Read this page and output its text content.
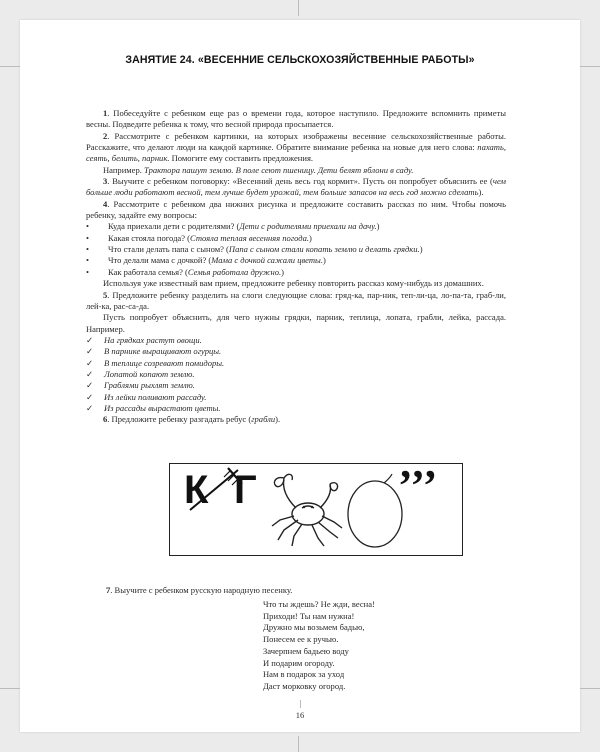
ЗАНЯТИЕ 24. «ВЕСЕННИЕ СЕЛЬСКОХОЗЯЙСТВЕННЫЕ РАБОТЫ»

1. Побеседуйте с ребенком еще раз о времени года, которое наступило. Предложите вспомнить приметы весны. Подведите ребенка к тому, что весной природа просыпается.

2. Рассмотрите с ребенком картинки, на которых изображены весенние сельскохозяйственные работы. Расскажите, что делают люди на каждой картинке. Обратите внимание ребенка на новые для него слова: пахать, сеять, белить, парник. Помогите ему составить предложения.

Например. Трактора пашут землю. В поле сеют пшеницу. Дети белят яблони в саду.

3. Выучите с ребенком поговорку: «Весенний день весь год кормит». Пусть он попробует объяснить ее (чем больше люди работают весной, тем лучше будет урожай, тем больше запасов на весь год можно сделать).

4. Рассмотрите с ребенком два нижних рисунка и предложите составить рассказ по ним. Чтобы помочь ребенку, задайте ему вопросы:

•	Куда приехали дети с родителями? (Дети с родителями приехали на дачу.)
•	Какая стояла погода? (Стояла теплая весенняя погода.)
•	Что стали делать папа с сыном? (Папа с сыном стали копать землю и делать грядки.)
•	Что делали мама с дочкой? (Мама с дочкой сажали цветы.)
•	Как работала семья? (Семья работала дружно.)

Используя уже известный вам прием, предложите ребенку повторить рассказ кому-нибудь из домашних.

5. Предложите ребенку разделить на слоги следующие слова: гряд-ка, пар-ник, теп-ли-ца, ло-па-та, граб-ли, лей-ка, рас-са-да.

Пусть попробует объяснить, для чего нужны грядки, парник, теплица, лопата, грабли, лейка, рассада. Например.

✓	На грядках растут овощи.
✓	В парнике выращивают огурцы.
✓	В теплице созревают помидоры.
✓	Лопатой копают землю.
✓	Граблями рыхлят землю.
✓	Из лейки поливают рассаду.
✓	Из рассады вырастают цветы.

6. Предложите ребенку разгадать ребус (грабли).

К Г	’’’
7. Выучите с ребенком русскую народную песенку.
Что ты ждешь? Не жди, весна!
Приходи! Ты нам нужна!
Дружно мы возьмем бадью,
Понесем ее к ручью.
Зачерпнем бадьею воду
И подарим огороду.
Нам в подарок за уход
Даст морковку огород.
16
